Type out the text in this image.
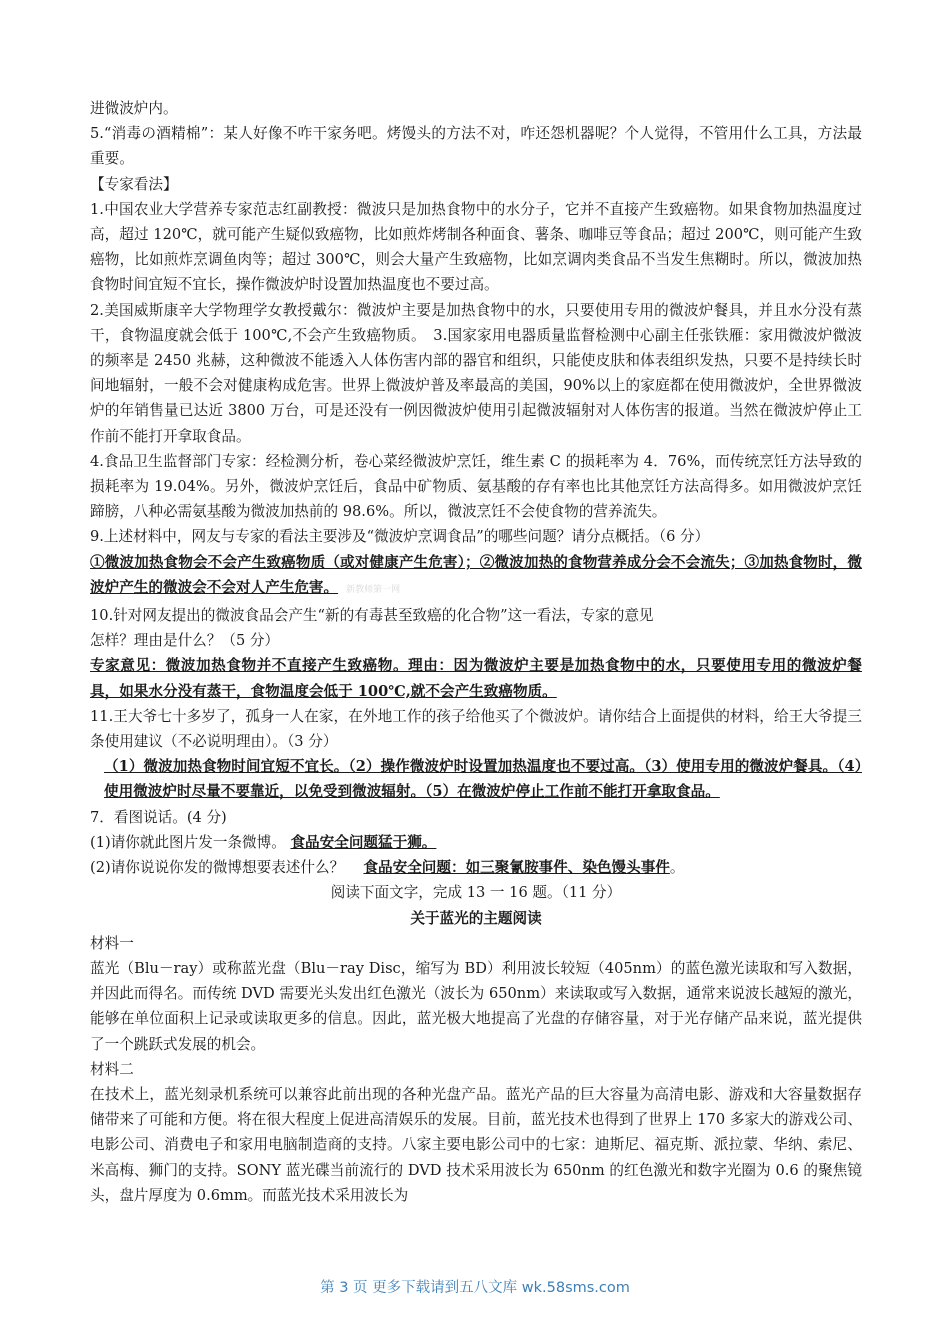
进微波炉内。

5.“消毒の酒精棉”：某人好像不咋干家务吧。烤馒头的方法不对，咋还怨机器呢？个人觉得，不管用什么工具，方法最重要。

【专家看法】

1.中国农业大学营养专家范志红副教授：微波只是加热食物中的水分子，它并不直接产生致癌物。如果食物加热温度过高，超过 120℃，就可能产生疑似致癌物，比如煎炸烤制各种面食、薯条、咖啡豆等食品；超过 200℃，则可能产生致癌物，比如煎炸烹调鱼肉等；超过 300℃，则会大量产生致癌物，比如烹调肉类食品不当发生焦糊时。所以，微波加热食物时间宜短不宜长，操作微波炉时设置加热温度也不要过高。

2.美国威斯康辛大学物理学女教授戴尔：微波炉主要是加热食物中的水，只要使用专用的微波炉餐具，并且水分没有蒸干，食物温度就会低于 100℃,不会产生致癌物质。　3.国家家用电器质量监督检测中心副主任张铁雁：家用微波炉微波的频率是 2450 兆赫，这种微波不能透入人体伤害内部的器官和组织，只能使皮肤和体表组织发热，只要不是持续长时间地辐射，一般不会对健康构成危害。世界上微波炉普及率最高的美国，90%以上的家庭都在使用微波炉，全世界微波炉的年销售量已达近 3800 万台，可是还没有一例因微波炉使用引起微波辐射对人体伤害的报道。当然在微波炉停止工作前不能打开拿取食品。

4.食品卫生监督部门专家：经检测分析，卷心菜经微波炉烹饪，维生素 C 的损耗率为 4．76%，而传统烹饪方法导致的损耗率为 19.04%。另外，微波炉烹饪后，食品中矿物质、氨基酸的存有率也比其他烹饪方法高得多。如用微波炉烹饪蹄膀，八种必需氨基酸为微波加热前的 98.6%。所以，微波烹饪不会使食物的营养流失。

9.上述材料中，网友与专家的看法主要涉及“微波炉烹调食品”的哪些问题？请分点概括。（6 分）

①微波加热食物会不会产生致癌物质（或对健康产生危害）；②微波加热的食物营养成分会不会流失；③加热食物时，微波炉产生的微波会不会对人产生危害。 新教师第一网

10.针对网友提出的微波食品会产生“新的有毒甚至致癌的化合物”这一看法，专家的意见

怎样？理由是什么？（5 分）

专家意见：微波加热食物并不直接产生致癌物。理由：因为微波炉主要是加热食物中的水，只要使用专用的微波炉餐具，如果水分没有蒸干，食物温度会低于 100℃,就不会产生致癌物质。

11.王大爷七十多岁了，孤身一人在家，在外地工作的孩子给他买了个微波炉。请你结合上面提供的材料，给王大爷提三条使用建议（不必说明理由）。（3 分）

（1）微波加热食物时间宜短不宜长。（2）操作微波炉时设置加热温度也不要过高。（3）使用专用的微波炉餐具。（4）使用微波炉时尽量不要靠近，以免受到微波辐射。（5）在微波炉停止工作前不能打开拿取食品。

7．看图说话。(4 分)

(1)请你就此图片发一条微博。 食品安全问题猛于狮。

(2)请你说说你发的微博想要表述什么？　 食品安全问题：如三聚氰胺事件、染色馒头事件。

阅读下面文字，完成 13 一 16 题。（11 分）

关于蓝光的主题阅读

材料一

蓝光（Blu－ray）或称蓝光盘（Blu－ray Disc，缩写为 BD）利用波长较短（405nm）的蓝色激光读取和写入数据，并因此而得名。而传统 DVD 需要光头发出红色激光（波长为 650nm）来读取或写入数据，通常来说波长越短的激光，能够在单位面积上记录或读取更多的信息。因此，蓝光极大地提高了光盘的存储容量，对于光存储产品来说，蓝光提供了一个跳跃式发展的机会。

材料二

在技术上，蓝光刻录机系统可以兼容此前出现的各种光盘产品。蓝光产品的巨大容量为高清电影、游戏和大容量数据存储带来了可能和方便。将在很大程度上促进高清娱乐的发展。目前，蓝光技术也得到了世界上 170 多家大的游戏公司、电影公司、消费电子和家用电脑制造商的支持。八家主要电影公司中的七家：迪斯尼、福克斯、派拉蒙、华纳、索尼、米高梅、狮门的支持。SONY 蓝光碟当前流行的 DVD 技术采用波长为 650nm 的红色激光和数字光圈为 0.6 的聚焦镜头，盘片厚度为 0.6mm。而蓝光技术采用波长为

第 3 页 更多下载请到五八文库 wk.58sms.com
